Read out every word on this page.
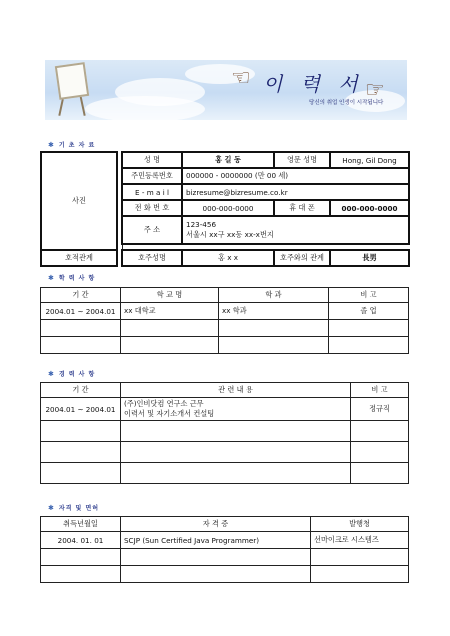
☜	☞
이 력 서
당신의 취업 인생이 시작됩니다
✱ 기 초 자 료
사진		성 명	홍 길 동	영문 성명	Hong, Gil Dong
		주민등록번호	000000 - 0000000 (만 00 세)		
		E - m a i l	bizresume@bizresume.co.kr		
		전 화 번 호	000-000-0000	휴 대 폰	000-000-0000
		주 소	123-456
서울시 xx구 xx동 xx-x번지		

호적관계		호주성명	홍 x x	호주와의 관계	長男
✱ 학 력 사 항
기 간	학 교 명	학 과	비 고
2004.01 ~ 2004.01	xx 대학교	xx 학과	졸 업

✱ 경 력 사 항
기 간	관 련 내 용	비 고
2004.01 ~ 2004.01	(주)인비닷컴 연구소 근무
이력서 및 자기소개서 컨설팅	정규직

✱ 자격 및 면허
취득년월일	자 격 증	발행청
2004. 01. 01	SCJP (Sun Certified Java Programmer)	선마이크로 시스템즈
